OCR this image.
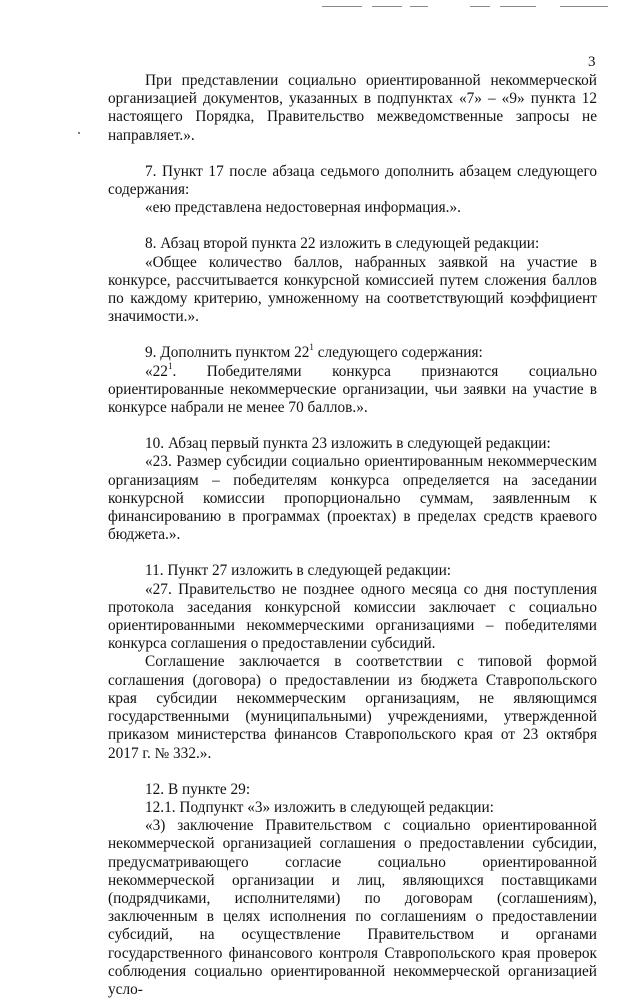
3

При представлении социально ориентированной некоммерческой организацией документов, указанных в подпунктах «7» – «9» пункта 12 настоящего Порядка, Правительство межведомственные запросы не направляет.».

7. Пункт 17 после абзаца седьмого дополнить абзацем следующего содержания:

«ею представлена недостоверная информация.».

8. Абзац второй пункта 22 изложить в следующей редакции:

«Общее количество баллов, набранных заявкой на участие в конкурсе, рассчитывается конкурсной комиссией путем сложения баллов по каждому критерию, умноженному на соответствующий коэффициент значимости.».

9. Дополнить пунктом $22^1$ следующего содержания:

«$22^1$. Победителями конкурса признаются социально ориентированные некоммерческие организации, чьи заявки на участие в конкурсе набрали не менее 70 баллов.».

10. Абзац первый пункта 23 изложить в следующей редакции:

«23. Размер субсидии социально ориентированным некоммерческим организациям – победителям конкурса определяется на заседании конкурсной комиссии пропорционально суммам, заявленным к финансированию в программах (проектах) в пределах средств краевого бюджета.».

11. Пункт 27 изложить в следующей редакции:

«27. Правительство не позднее одного месяца со дня поступления протокола заседания конкурсной комиссии заключает с социально ориентированными некоммерческими организациями – победителями конкурса соглашения о предоставлении субсидий.

Соглашение заключается в соответствии с типовой формой соглашения (договора) о предоставлении из бюджета Ставропольского края субсидии некоммерческим организациям, не являющимся государственными (муниципальными) учреждениями, утвержденной приказом министерства финансов Ставропольского края от 23 октября 2017 г. № 332.».

12. В пункте 29:

12.1. Подпункт «3» изложить в следующей редакции:

«3) заключение Правительством с социально ориентированной некоммерческой организацией соглашения о предоставлении субсидии, предусматривающего согласие социально ориентированной некоммерческой организации и лиц, являющихся поставщиками (подрядчиками, исполнителями) по договорам (соглашениям), заключенным в целях исполнения по соглашениям о предоставлении субсидий, на осуществление Правительством и органами государственного финансового контроля Ставропольского края проверок соблюдения социально ориентированной некоммерческой организацией усло-
